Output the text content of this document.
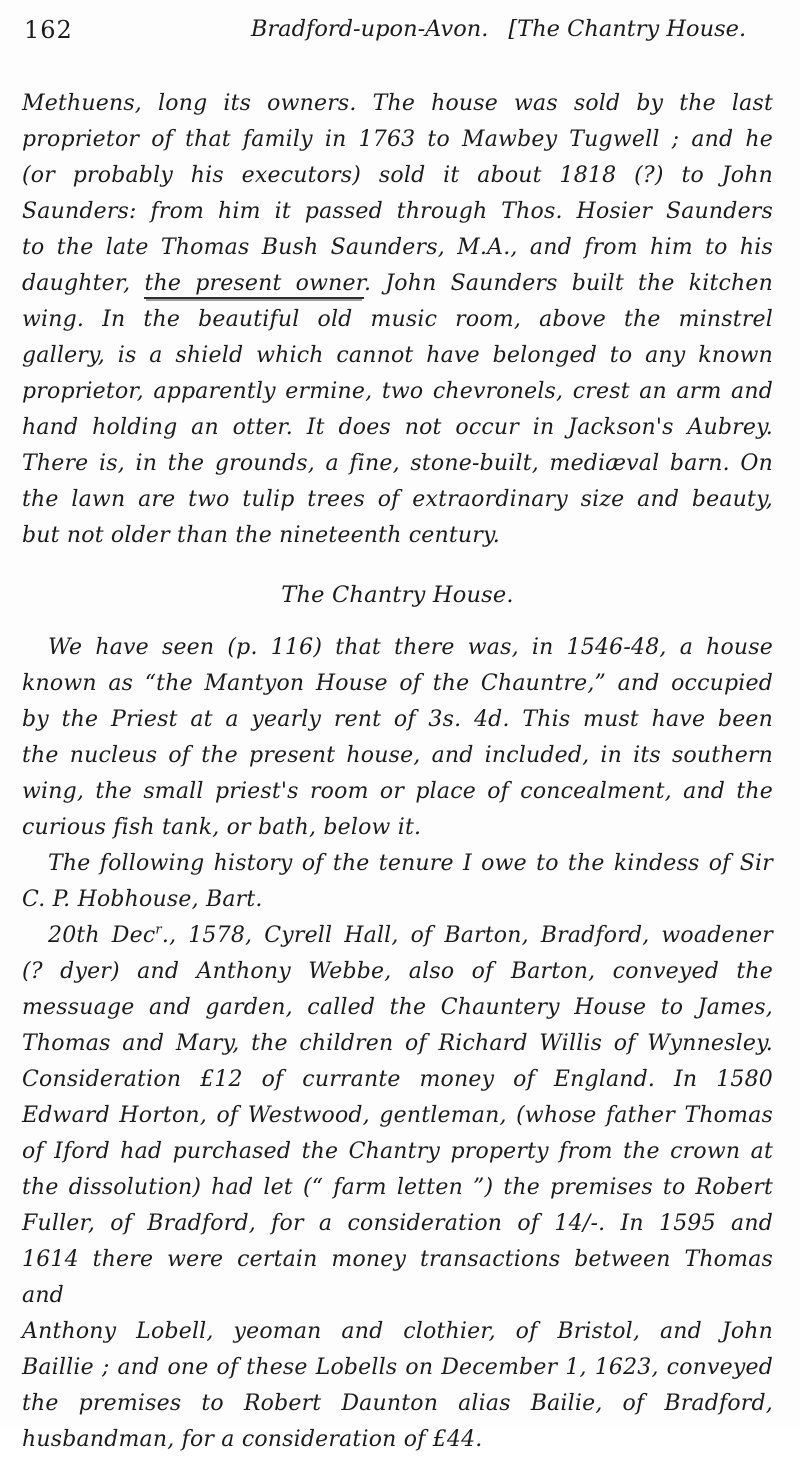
162	Bradford-upon-Avon. [The Chantry House.
Methuens, long its owners. The house was sold by the last
proprietor of that family in 1763 to Mawbey Tugwell ; and he
(or probably his executors) sold it about 1818 (?) to John
Saunders: from him it passed through Thos. Hosier Saunders
to the late Thomas Bush Saunders, M.A., and from him to his
daughter, the present owner. John Saunders built the kitchen
wing. In the beautiful old music room, above the minstrel
gallery, is a shield which cannot have belonged to any known
proprietor, apparently ermine, two chevronels, crest an arm and
hand holding an otter. It does not occur in Jackson's Aubrey.
There is, in the grounds, a fine, stone-built, mediæval barn. On
the lawn are two tulip trees of extraordinary size and beauty,
but not older than the nineteenth century.
The Chantry House.
We have seen (p. 116) that there was, in 1546-48, a house
known as “the Mantyon House of the Chauntre,” and occupied
by the Priest at a yearly rent of 3s. 4d. This must have been
the nucleus of the present house, and included, in its southern
wing, the small priest's room or place of concealment, and the
curious fish tank, or bath, below it.
The following history of the tenure I owe to the kindess of Sir
C. P. Hobhouse, Bart.
20th Dec$^r$., 1578, Cyrell Hall, of Barton, Bradford, woadener
(? dyer) and Anthony Webbe, also of Barton, conveyed the
messuage and garden, called the Chauntery House to James,
Thomas and Mary, the children of Richard Willis of Wynnesley.
Consideration £12 of currante money of England. In 1580
Edward Horton, of Westwood, gentleman, (whose father Thomas
of Iford had purchased the Chantry property from the crown at
the dissolution) had let (“ farm letten ”) the premises to Robert
Fuller, of Bradford, for a consideration of 14/-. In 1595 and
1614 there were certain money transactions between Thomas and
Anthony Lobell, yeoman and clothier, of Bristol, and John
Baillie ; and one of these Lobells on December 1, 1623, conveyed
the premises to Robert Daunton alias Bailie, of Bradford,
husbandman, for a consideration of £44.
